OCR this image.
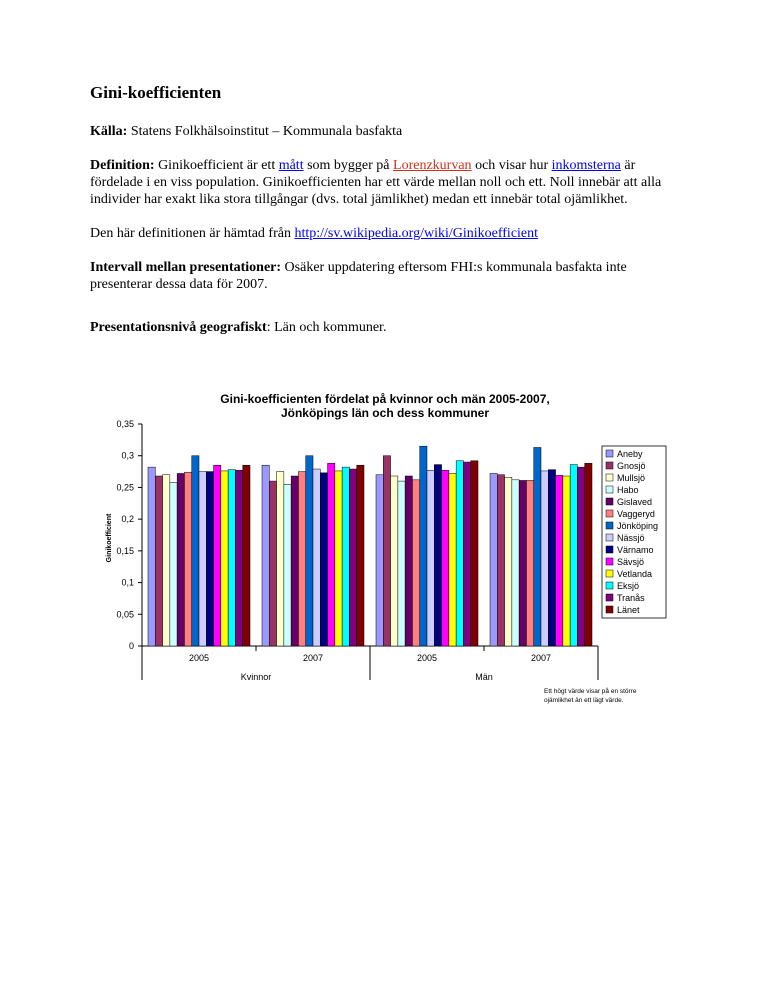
Gini-koefficienten

Källa: Statens Folkhälsoinstitut – Kommunala basfakta

Definition: Ginikoefficient är ett mått som bygger på Lorenzkurvan och visar hur inkomsterna är fördelade i en viss population. Ginikoefficienten har ett värde mellan noll och ett. Noll innebär att alla individer har exakt lika stora tillgångar (dvs. total jämlikhet) medan ett innebär total ojämlikhet.

Den här definitionen är hämtad från http://sv.wikipedia.org/wiki/Ginikoefficient

Intervall mellan presentationer: Osäker uppdatering eftersom FHI:s kommunala basfakta inte presenterar dessa data för 2007.

Presentationsnivå geografiskt: Län och kommuner.

Gini-koefficienten fördelat på kvinnor och män 2005-2007,
Jönköpings län och dess kommuner
Ginikoefficient
0
0,05
0,1
0,15
0,2
0,25
0,3
0,35
2005	2007	2005	2007
Kvinnor	Män
Aneby
Gnosjö
Mullsjö
Habo
Gislaved
Vaggeryd
Jönköping
Nässjö
Värnamo
Sävsjö
Vetlanda
Eksjö
Tranås
Länet
Ett högt värde visar på en större
ojämlikhet än ett lägt värde.
